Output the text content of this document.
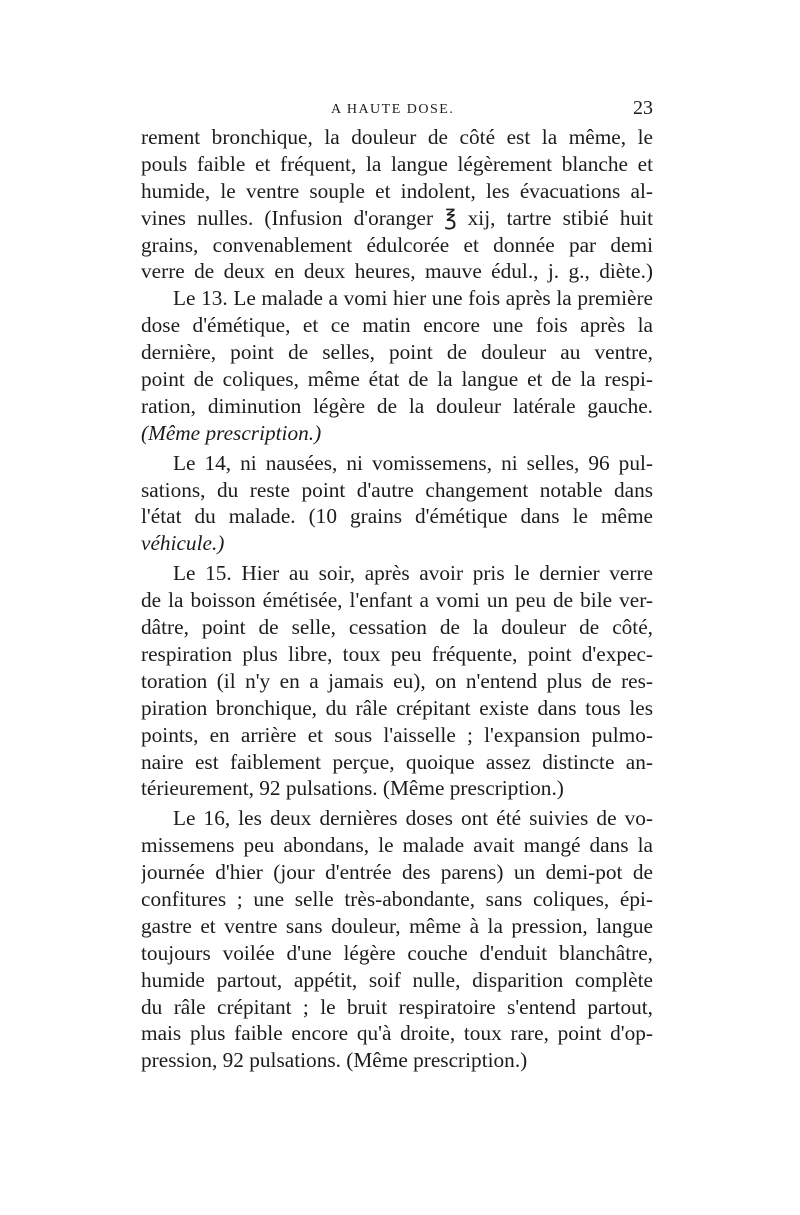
A HAUTE DOSE.	23
rement bronchique, la douleur de côté est la même, le
pouls faible et fréquent, la langue légèrement blanche et
humide, le ventre souple et indolent, les évacuations al-
vines nulles. (Infusion d'oranger ℥ xij, tartre stibié huit
grains, convenablement édulcorée et donnée par demi
verre de deux en deux heures, mauve édul., j. g., diète.)
Le 13. Le malade a vomi hier une fois après la première
dose d'émétique, et ce matin encore une fois après la
dernière, point de selles, point de douleur au ventre,
point de coliques, même état de la langue et de la respi-
ration, diminution légère de la douleur latérale gauche.
(Même prescription.)
Le 14, ni nausées, ni vomissemens, ni selles, 96 pul-
sations, du reste point d'autre changement notable dans
l'état du malade. (10 grains d'émétique dans le même
véhicule.)
Le 15. Hier au soir, après avoir pris le dernier verre
de la boisson émétisée, l'enfant a vomi un peu de bile ver-
dâtre, point de selle, cessation de la douleur de côté,
respiration plus libre, toux peu fréquente, point d'expec-
toration (il n'y en a jamais eu), on n'entend plus de res-
piration bronchique, du râle crépitant existe dans tous les
points, en arrière et sous l'aisselle ; l'expansion pulmo-
naire est faiblement perçue, quoique assez distincte an-
térieurement, 92 pulsations. (Même prescription.)
Le 16, les deux dernières doses ont été suivies de vo-
missemens peu abondans, le malade avait mangé dans la
journée d'hier (jour d'entrée des parens) un demi-pot de
confitures ; une selle très-abondante, sans coliques, épi-
gastre et ventre sans douleur, même à la pression, langue
toujours voilée d'une légère couche d'enduit blanchâtre,
humide partout, appétit, soif nulle, disparition complète
du râle crépitant ; le bruit respiratoire s'entend partout,
mais plus faible encore qu'à droite, toux rare, point d'op-
pression, 92 pulsations. (Même prescription.)
